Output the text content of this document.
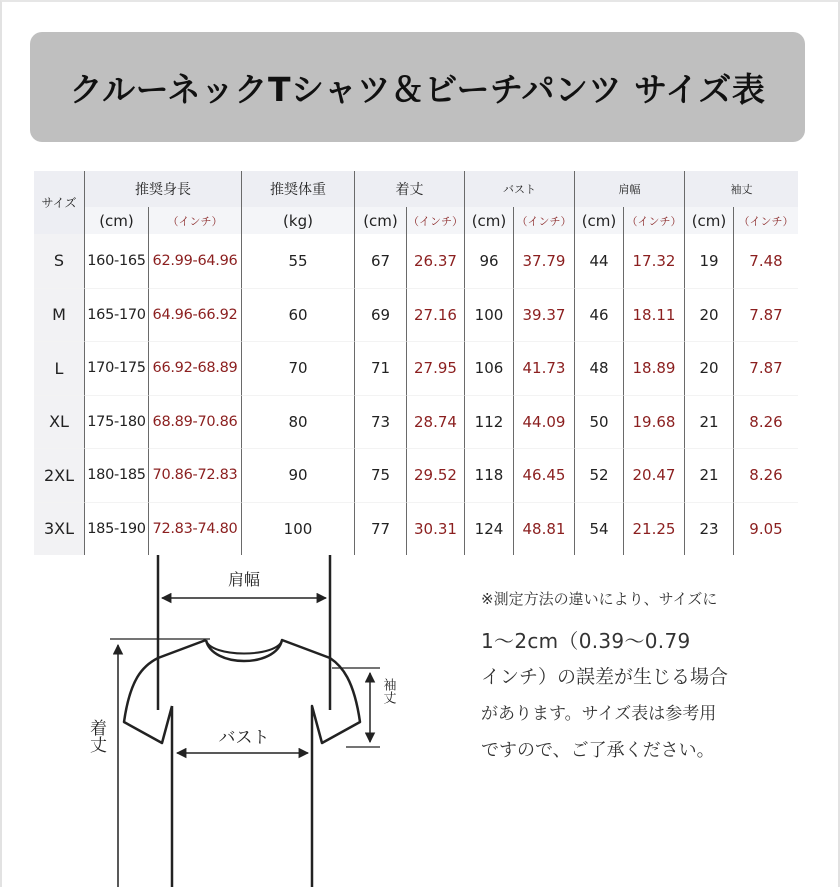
クルーネックTシャツ＆ビーチパンツ サイズ表
サイズ	推奨身長		推奨体重	着丈		バスト		肩幅		袖丈	
	(cm)	（インチ）	(kg)	(cm)	（インチ）	(cm)	（インチ）	(cm)	（インチ）	(cm)	（インチ）
S	160-165	62.99-64.96	55	67	26.37	96	37.79	44	17.32	19	7.48
M	165-170	64.96-66.92	60	69	27.16	100	39.37	46	18.11	20	7.87
L	170-175	66.92-68.89	70	71	27.95	106	41.73	48	18.89	20	7.87
XL	175-180	68.89-70.86	80	73	28.74	112	44.09	50	19.68	21	8.26
2XL	180-185	70.86-72.83	90	75	29.52	118	46.45	52	20.47	21	8.26
3XL	185-190	72.83-74.80	100	77	30.31	124	48.81	54	21.25	23	9.05
肩幅
着丈	バスト
袖丈

※測定方法の違いにより、サイズに

1～2cm（0.39～0.79

インチ）の誤差が生じる場合

があります。サイズ表は参考用

ですので、ご了承ください。
